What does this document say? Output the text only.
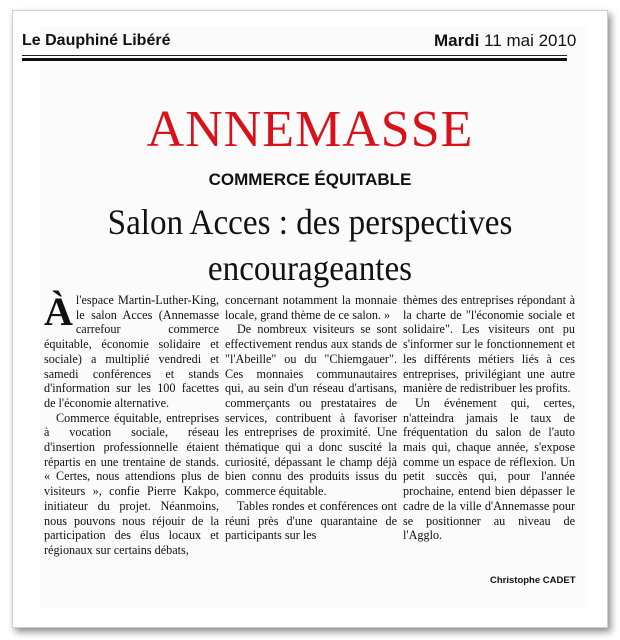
Le Dauphiné Libéré	Mardi 11 mai 2010
ANNEMASSE
COMMERCE ÉQUITABLE
Salon Acces : des perspectives
encourageantes

Àl'espace Martin-Luther-King, le salon Acces (Annemasse carrefour commerce équitable, économie solidaire et sociale) a multiplié vendredi et samedi conférences et stands d'information sur les 100 facettes de l'économie alternative.

Commerce équitable, entreprises à vocation sociale, réseau d'insertion professionnelle étaient répartis en une trentaine de stands. « Certes, nous attendions plus de visiteurs », confie Pierre Kakpo, initiateur du projet. Néanmoins, nous pouvons nous réjouir de la participation des élus locaux et régionaux sur certains débats,

concernant notamment la monnaie locale, grand thème de ce salon. »

De nombreux visiteurs se sont effectivement rendus aux stands de "l'Abeille" ou du "Chiemgauer". Ces monnaies communautaires qui, au sein d'un réseau d'artisans, commerçants ou prestataires de services, contribuent à favoriser les entreprises de proximité. Une thématique qui a donc suscité la curiosité, dépassant le champ déjà bien connu des produits issus du commerce équitable.

Tables rondes et conférences ont réuni près d'une quarantaine de participants sur les

thèmes des entreprises répondant à la charte de "l'économie sociale et solidaire". Les visiteurs ont pu s'informer sur le fonctionnement et les différents métiers liés à ces entreprises, privilégiant une autre manière de redistribuer les profits.

Un événement qui, certes, n'atteindra jamais le taux de fréquentation du salon de l'auto mais qui, chaque année, s'expose comme un espace de réflexion. Un petit succès qui, pour l'année prochaine, entend bien dépasser le cadre de la ville d'Annemasse pour se positionner au niveau de l'Agglo.

Christophe CADET
